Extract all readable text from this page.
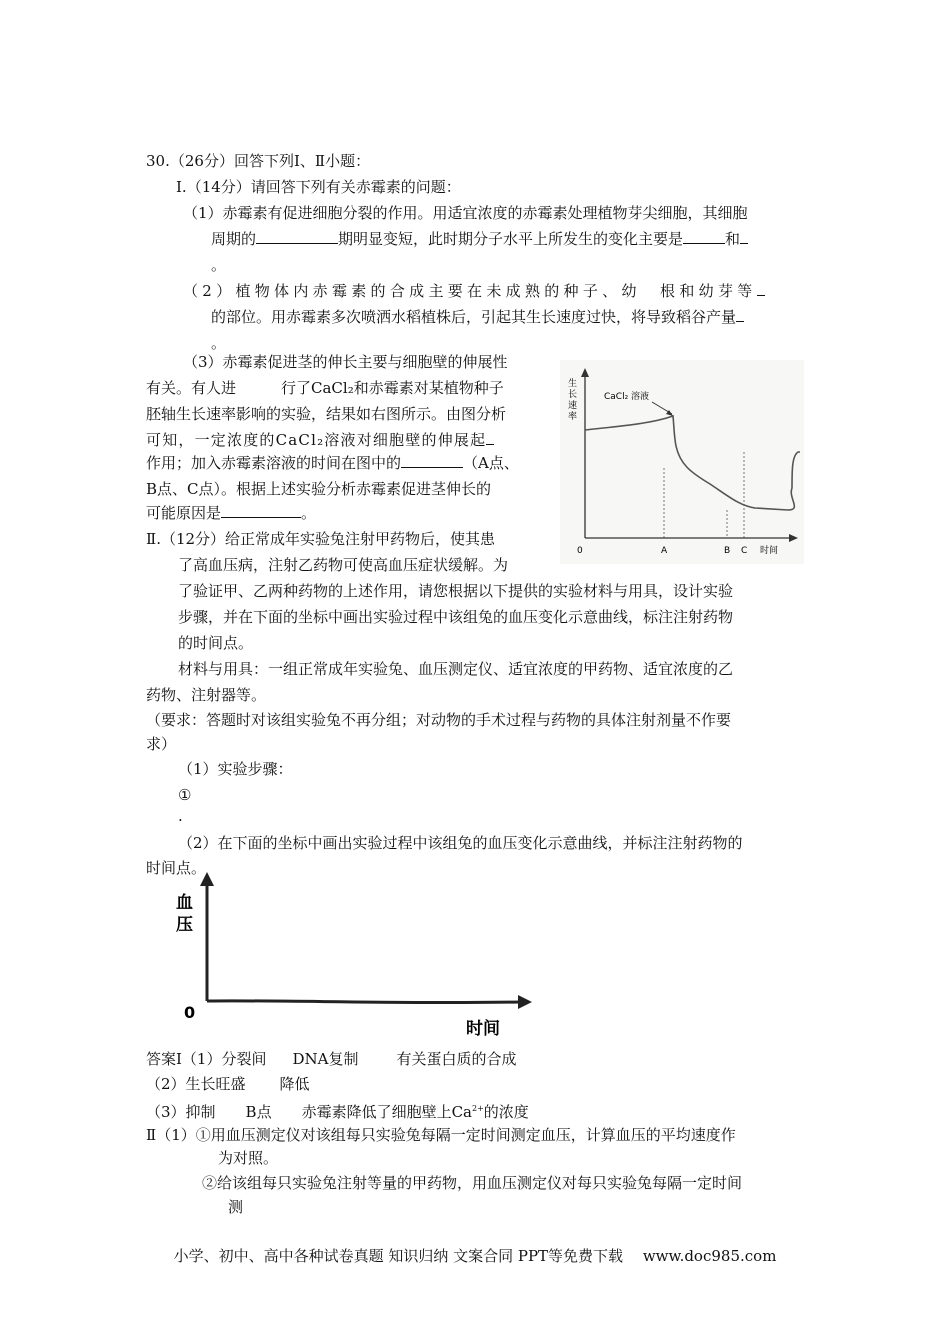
30.（26分）回答下列Ⅰ、Ⅱ小题：
Ⅰ.（14分）请回答下列有关赤霉素的问题：
（1）赤霉素有促进细胞分裂的作用。用适宜浓度的赤霉素处理植物芽尖细胞，其细胞
周期的	期明显变短，此时期分子水平上所发生的变化主要是	和
。
（2）植物体内赤霉素的合成主要在未成熟的种子、幼　根和幼芽等
的部位。用赤霉素多次喷洒水稻植株后，引起其生长速度过快，将导致稻谷产量
。
（3）赤霉素促进茎的伸长主要与细胞壁的伸展性
有关。有人进　　　行了CaCl₂和赤霉素对某植物种子
胚轴生长速率影响的实验，结果如右图所示。由图分析
可知，一定浓度的CaCl₂溶液对细胞壁的伸展起
作用；加入赤霉素溶液的时间在图中的	（A点、
B点、C点）。根据上述实验分析赤霉素促进茎伸长的
可能原因是	。
生
长
速
率
CaCl₂ 溶液
0	A	B C 时间
Ⅱ.（12分）给正常成年实验兔注射甲药物后，使其患
了高血压病，注射乙药物可使高血压症状缓解。为
了验证甲、乙两种药物的上述作用，请您根据以下提供的实验材料与用具，设计实验
步骤，并在下面的坐标中画出实验过程中该组兔的血压变化示意曲线，标注注射药物
的时间点。
材料与用具：一组正常成年实验兔、血压测定仪、适宜浓度的甲药物、适宜浓度的乙
药物、注射器等。
（要求：答题时对该组实验兔不再分组；对动物的手术过程与药物的具体注射剂量不作要
求）
（1）实验步骤：
①
.
（2）在下面的坐标中画出实验过程中该组兔的血压变化示意曲线，并标注注射药物的
时间点。
血
压
0
时间
答案Ⅰ（1）分裂间 DNA复制	有关蛋白质的合成
（2）生长旺盛 降低
（3）抑制 B点 赤霉素降低了细胞壁上$Ca^{2+}$的浓度
Ⅱ（1）①用血压测定仪对该组每只实验兔每隔一定时间测定血压，计算血压的平均速度作
为对照。
②给该组每只实验兔注射等量的甲药物，用血压测定仪对每只实验兔每隔一定时间
测
小学、初中、高中各种试卷真题 知识归纳 文案合同 PPT等免费下载　 www.doc985.com
